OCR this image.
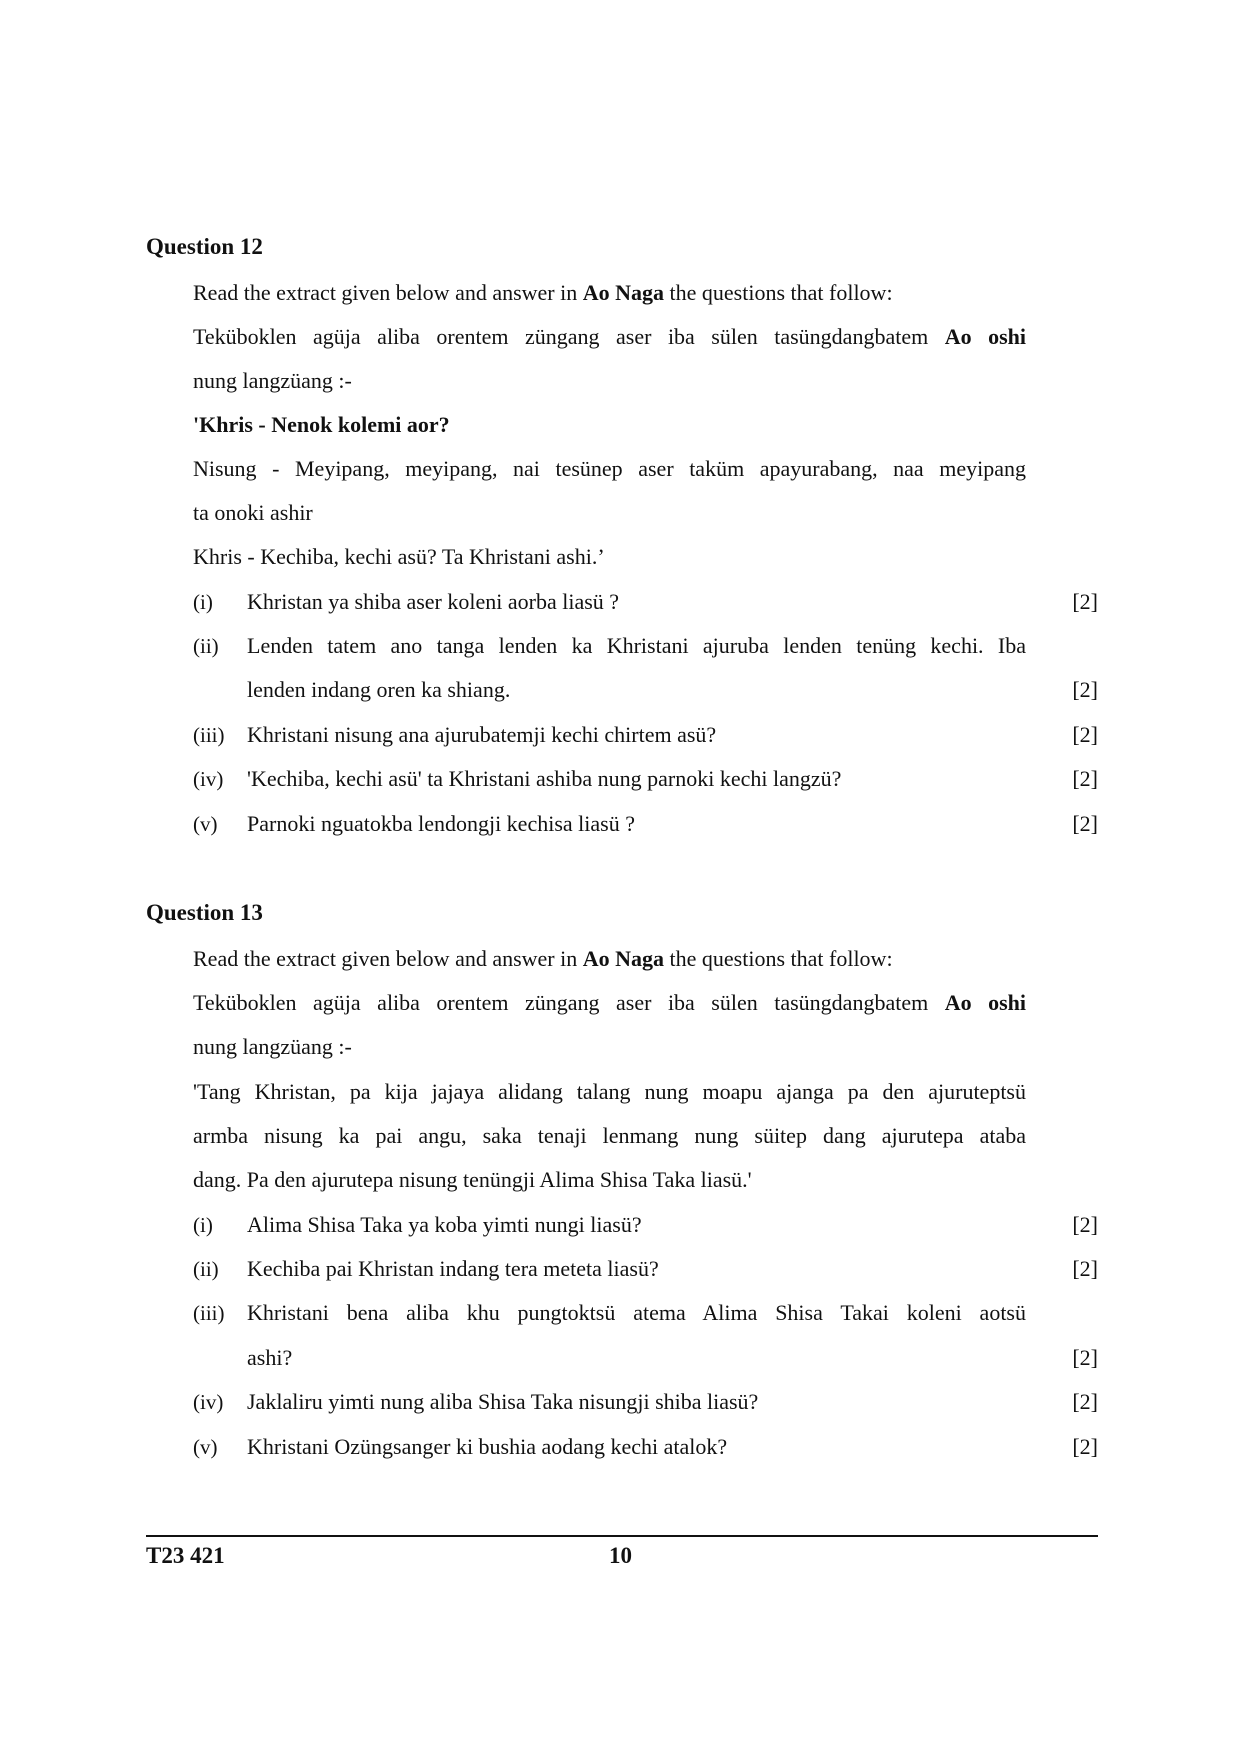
Question 12
Read the extract given below and answer in Ao Naga the questions that follow:
Teküboklen agüja aliba orentem züngang aser iba sülen tasüngdangbatem Ao oshi
nung langzüang :-
'Khris - Nenok kolemi aor?
Nisung - Meyipang, meyipang, nai tesünep aser taküm apayurabang, naa meyipang
ta onoki ashir
Khris - Kechiba, kechi asü? Ta Khristani ashi.’
(i) Khristan ya shiba aser koleni aorba liasü ?	[2]
(ii) Lenden tatem ano tanga lenden ka Khristani ajuruba lenden tenüng kechi. Iba
lenden indang oren ka shiang.	[2]
(iii) Khristani nisung ana ajurubatemji kechi chirtem asü?	[2]
(iv) 'Kechiba, kechi asü' ta Khristani ashiba nung parnoki kechi langzü?	[2]
(v) Parnoki nguatokba lendongji kechisa liasü ?	[2]
Question 13
Read the extract given below and answer in Ao Naga the questions that follow:
Teküboklen agüja aliba orentem züngang aser iba sülen tasüngdangbatem Ao oshi
nung langzüang :-
'Tang Khristan, pa kija jajaya alidang talang nung moapu ajanga pa den ajuruteptsü
armba nisung ka pai angu, saka tenaji lenmang nung süitep dang ajurutepa ataba
dang. Pa den ajurutepa nisung tenüngji Alima Shisa Taka liasü.'
(i) Alima Shisa Taka ya koba yimti nungi liasü?	[2]
(ii) Kechiba pai Khristan indang tera meteta liasü?	[2]
(iii) Khristani bena aliba khu pungtoktsü atema Alima Shisa Takai koleni aotsü
ashi?	[2]
(iv) Jaklaliru yimti nung aliba Shisa Taka nisungji shiba liasü?	[2]
(v) Khristani Ozüngsanger ki bushia aodang kechi atalok?	[2]
T23 421	10
